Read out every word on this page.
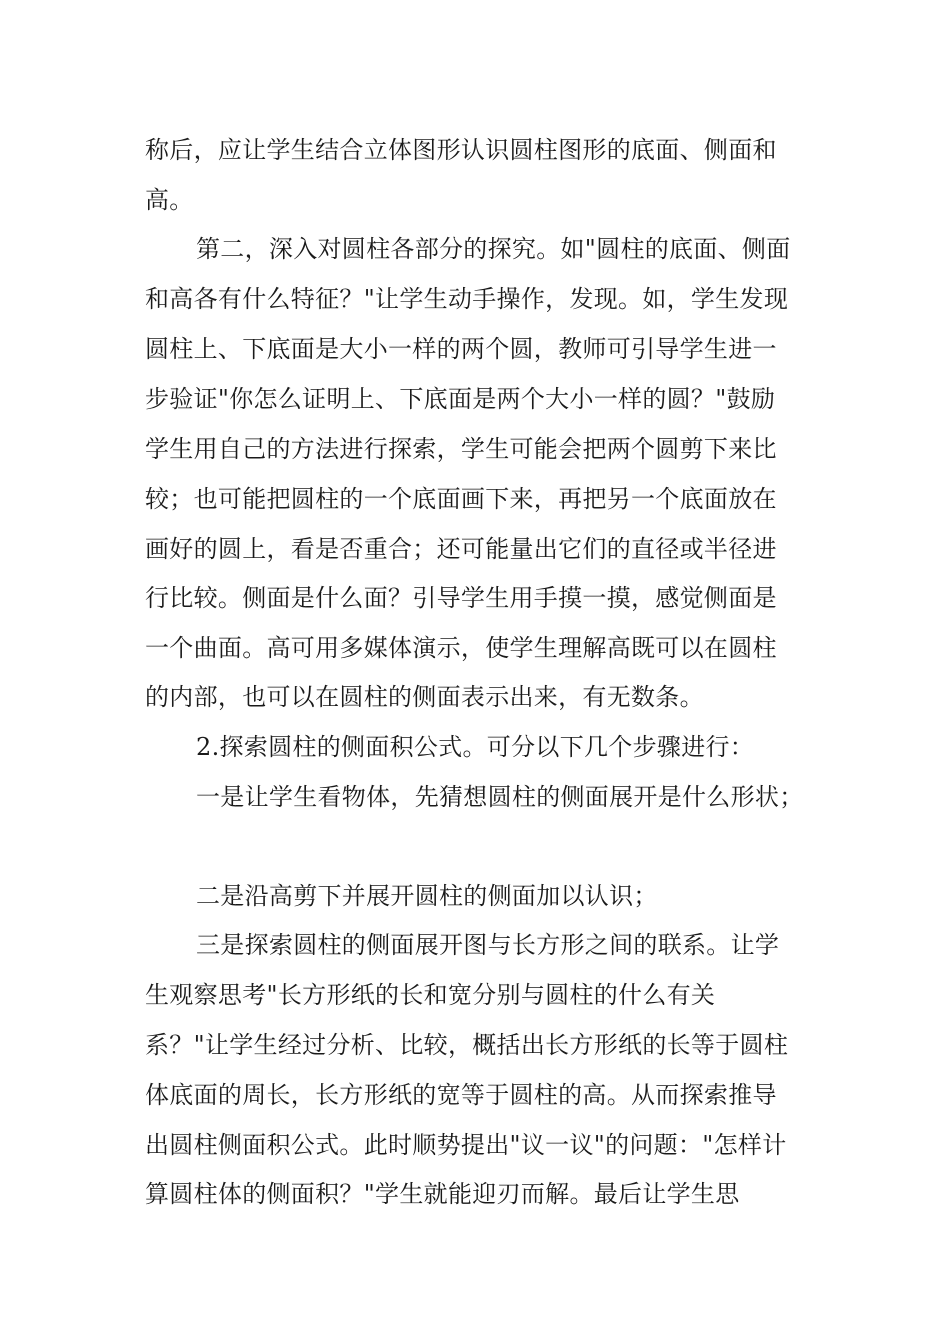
称后，应让学生结合立体图形认识圆柱图形的底面、侧面和
高。
第二，深入对圆柱各部分的探究。如"圆柱的底面、侧面
和高各有什么特征？"让学生动手操作，发现。如，学生发现
圆柱上、下底面是大小一样的两个圆，教师可引导学生进一
步验证"你怎么证明上、下底面是两个大小一样的圆？"鼓励
学生用自己的方法进行探索，学生可能会把两个圆剪下来比
较；也可能把圆柱的一个底面画下来，再把另一个底面放在
画好的圆上，看是否重合；还可能量出它们的直径或半径进
行比较。侧面是什么面？引导学生用手摸一摸，感觉侧面是
一个曲面。高可用多媒体演示，使学生理解高既可以在圆柱
的内部，也可以在圆柱的侧面表示出来，有无数条。
2.探索圆柱的侧面积公式。可分以下几个步骤进行：
一是让学生看物体，先猜想圆柱的侧面展开是什么形状；
二是沿高剪下并展开圆柱的侧面加以认识；
三是探索圆柱的侧面展开图与长方形之间的联系。让学
生观察思考"长方形纸的长和宽分别与圆柱的什么有关
系？"让学生经过分析、比较，概括出长方形纸的长等于圆柱
体底面的周长，长方形纸的宽等于圆柱的高。从而探索推导
出圆柱侧面积公式。此时顺势提出"议一议"的问题："怎样计
算圆柱体的侧面积？"学生就能迎刃而解。最后让学生思
